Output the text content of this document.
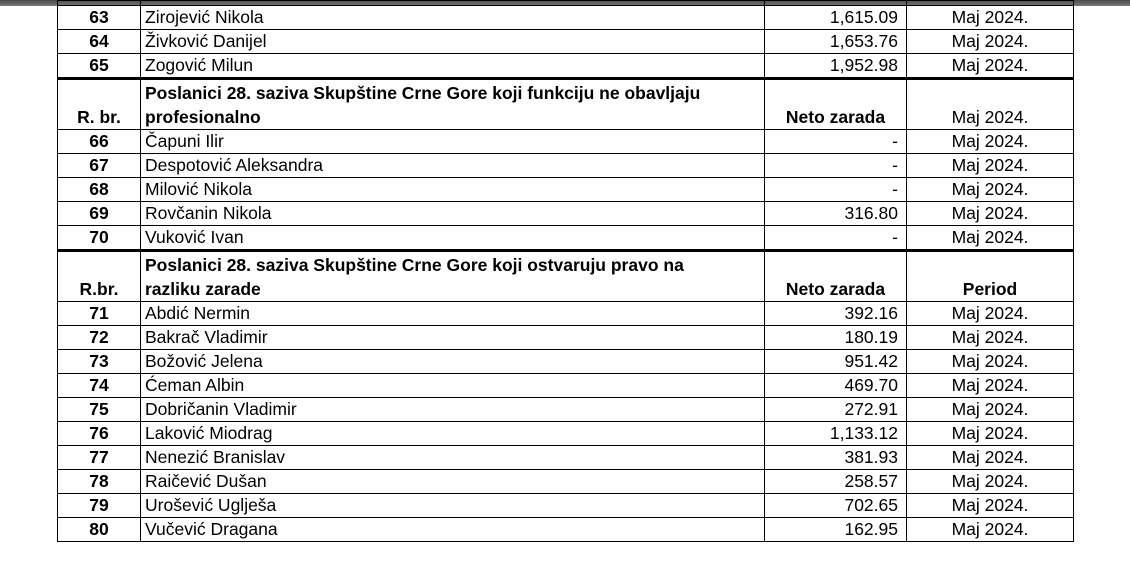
63	Zirojević Nikola	1,615.09	Maj 2024.
64	Živković Danijel	1,653.76	Maj 2024.
65	Zogović Milun	1,952.98	Maj 2024.
R. br.	Poslanici 28. saziva Skupštine Crne Gore koji funkciju ne obavljaju profesionalno	Neto zarada	Maj 2024.
66	Čapuni Ilir	-	Maj 2024.
67	Despotović Aleksandra	-	Maj 2024.
68	Milović Nikola	-	Maj 2024.
69	Rovčanin Nikola	316.80	Maj 2024.
70	Vuković Ivan	-	Maj 2024.
R.br.	Poslanici 28. saziva Skupštine Crne Gore koji ostvaruju pravo na razliku zarade	Neto zarada	Period
71	Abdić Nermin	392.16	Maj 2024.
72	Bakrač Vladimir	180.19	Maj 2024.
73	Božović Jelena	951.42	Maj 2024.
74	Ćeman Albin	469.70	Maj 2024.
75	Dobričanin Vladimir	272.91	Maj 2024.
76	Laković Miodrag	1,133.12	Maj 2024.
77	Nenezić Branislav	381.93	Maj 2024.
78	Raičević Dušan	258.57	Maj 2024.
79	Urošević Uglješa	702.65	Maj 2024.
80	Vučević Dragana	162.95	Maj 2024.
